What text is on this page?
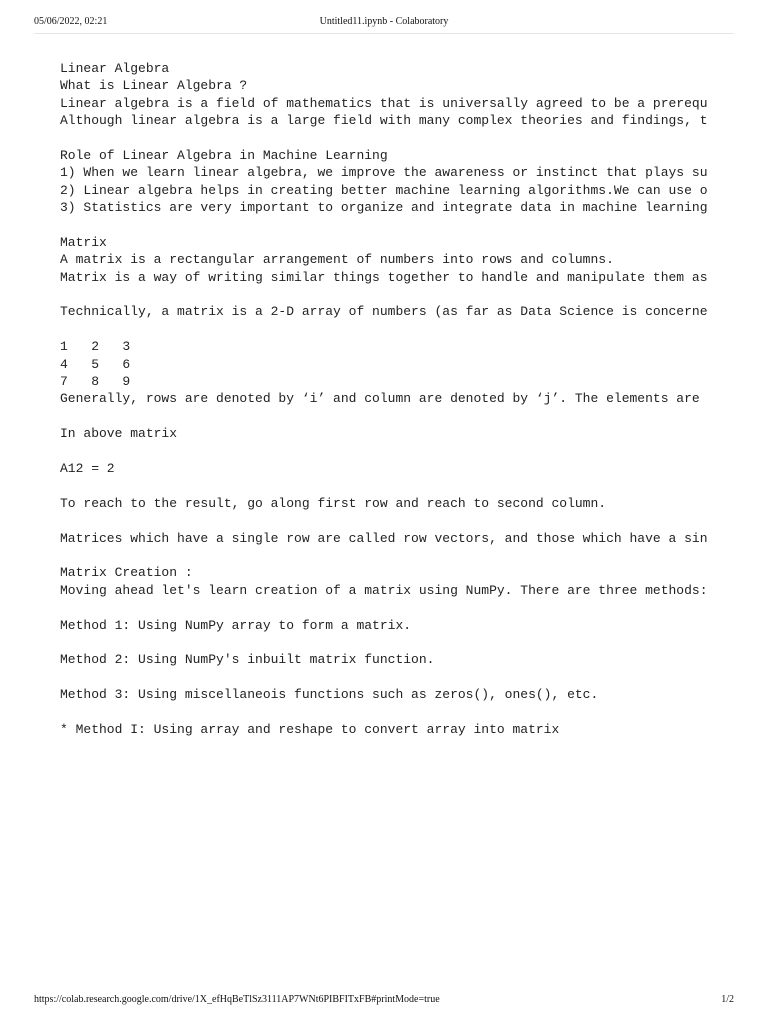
05/06/2022, 02:21	Untitled11.ipynb - Colaboratory
Linear Algebra
What is Linear Algebra ?
Linear algebra is a field of mathematics that is universally agreed to be a prerequ
Although linear algebra is a large field with many complex theories and findings, t
Role of Linear Algebra in Machine Learning
1) When we learn linear algebra, we improve the awareness or instinct that plays su
2) Linear algebra helps in creating better machine learning algorithms.We can use o
3) Statistics are very important to organize and integrate data in machine learning
Matrix
A matrix is a rectangular arrangement of numbers into rows and columns.
Matrix is a way of writing similar things together to handle and manipulate them as
Technically, a matrix is a 2-D array of numbers (as far as Data Science is concerne
1   2   3
4   5   6
7   8   9
Generally, rows are denoted by ‘i’ and column are denoted by ‘j’. The elements are
In above matrix
A12 = 2
To reach to the result, go along first row and reach to second column.
Matrices which have a single row are called row vectors, and those which have a sin
Matrix Creation :
Moving ahead let's learn creation of a matrix using NumPy. There are three methods:
Method 1: Using NumPy array to form a matrix.
Method 2: Using NumPy's inbuilt matrix function.
Method 3: Using miscellaneois functions such as zeros(), ones(), etc.
* Method I: Using array and reshape to convert array into matrix
https://colab.research.google.com/drive/1X_efHqBeTlSz3111AP7WNt6PIBFITxFB#printMode=true	1/2
